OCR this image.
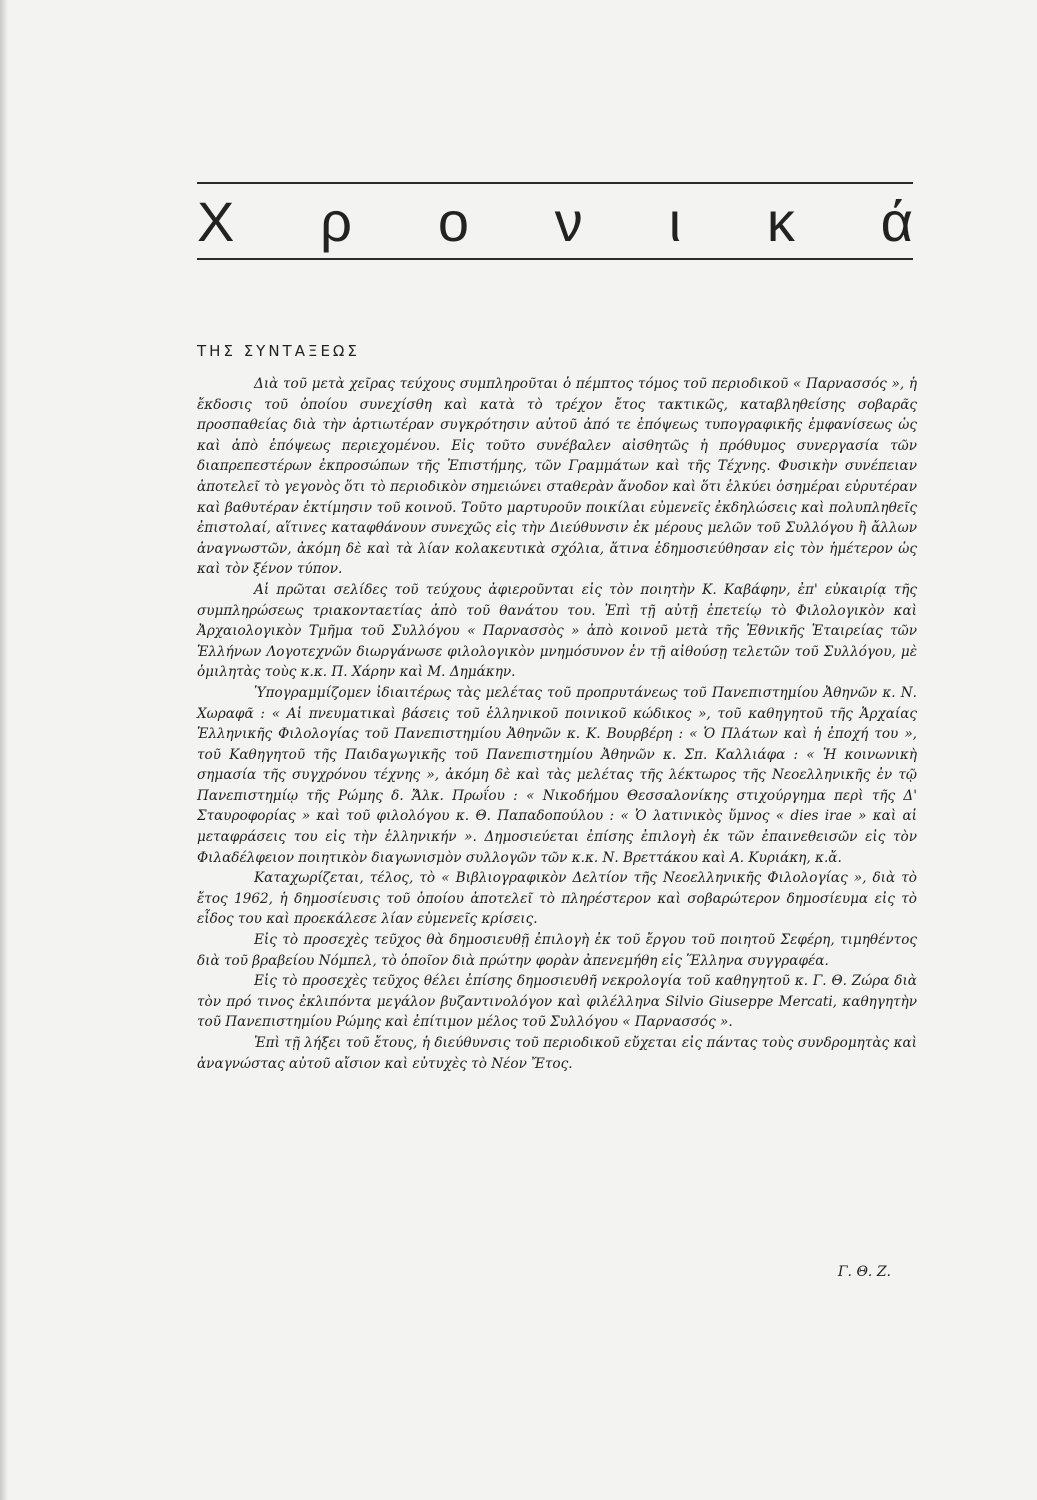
Χ ρ ο ν ι κ ά
ΤΗΣ ΣΥΝΤΑΞΕΩΣ

Διὰ τοῦ μετὰ χεῖρας τεύχους συμπληροῦται ὁ πέμπτος τόμος τοῦ περιοδικοῦ « Παρνασσός », ἡ ἔκδοσις τοῦ ὁποίου συνεχίσθη καὶ κατὰ τὸ τρέχον ἔτος τακτικῶς, καταβληθείσης σοβαρᾶς προσπαθείας διὰ τὴν ἀρτιωτέραν συγκρότησιν αὐτοῦ ἀπό τε ἐπόψεως τυπογραφικῆς ἐμφανίσεως ὡς καὶ ἀπὸ ἐπόψεως περιεχομένου. Εἰς τοῦτο συνέβαλεν αἰσθητῶς ἡ πρόθυμος συνεργασία τῶν διαπρεπεστέρων ἐκπροσώπων τῆς Ἐπιστήμης, τῶν Γραμμάτων καὶ τῆς Τέχνης. Φυσικὴν συνέπειαν ἀποτελεῖ τὸ γεγονὸς ὅτι τὸ περιοδικὸν σημειώνει σταθερὰν ἄνοδον καὶ ὅτι ἑλκύει ὁσημέραι εὐρυτέραν καὶ βαθυτέραν ἐκτίμησιν τοῦ κοινοῦ. Τοῦτο μαρτυροῦν ποικίλαι εὐμενεῖς ἐκδηλώσεις καὶ πολυπληθεῖς ἐπιστολαί, αἵτινες καταφθάνουν συνεχῶς εἰς τὴν Διεύθυνσιν ἐκ μέρους μελῶν τοῦ Συλλόγου ἢ ἄλλων ἀναγνωστῶν, ἀκόμη δὲ καὶ τὰ λίαν κολακευτικὰ σχόλια, ἅτινα ἐδημοσιεύθησαν εἰς τὸν ἡμέτερον ὡς καὶ τὸν ξένον τύπον.

Αἱ πρῶται σελίδες τοῦ τεύχους ἀφιεροῦνται εἰς τὸν ποιητὴν Κ. Καβάφην, ἐπ' εὐκαιρίᾳ τῆς συμπληρώσεως τριακονταετίας ἀπὸ τοῦ θανάτου του. Ἐπὶ τῇ αὐτῇ ἐπετείῳ τὸ Φιλολογικὸν καὶ Ἀρχαιολογικὸν Τμῆμα τοῦ Συλλόγου « Παρνασσὸς » ἀπὸ κοινοῦ μετὰ τῆς Ἐθνικῆς Ἑταιρείας τῶν Ἑλλήνων Λογοτεχνῶν διωργάνωσε φιλολογικὸν μνημόσυνον ἐν τῇ αἰθούσῃ τελετῶν τοῦ Συλλόγου, μὲ ὁμιλητὰς τοὺς κ.κ. Π. Χάρην καὶ Μ. Δημάκην.

Ὑπογραμμίζομεν ἰδιαιτέρως τὰς μελέτας τοῦ προπρυτάνεως τοῦ Πανεπιστημίου Ἀθηνῶν κ. Ν. Χωραφᾶ : « Αἱ πνευματικαὶ βάσεις τοῦ ἑλληνικοῦ ποινικοῦ κώδικος », τοῦ καθηγητοῦ τῆς Ἀρχαίας Ἑλληνικῆς Φιλολογίας τοῦ Πανεπιστημίου Ἀθηνῶν κ. Κ. Βουρβέρη : « Ὁ Πλάτων καὶ ἡ ἐποχή του », τοῦ Καθηγητοῦ τῆς Παιδαγωγικῆς τοῦ Πανεπιστημίου Ἀθηνῶν κ. Σπ. Καλλιάφα : « Ἡ κοινωνικὴ σημασία τῆς συγχρόνου τέχνης », ἀκόμη δὲ καὶ τὰς μελέτας τῆς λέκτωρος τῆς Νεοελληνικῆς ἐν τῷ Πανεπιστημίῳ τῆς Ρώμης δ. Ἄλκ. Πρωΐου : « Νικοδήμου Θεσσαλονίκης στιχούργημα περὶ τῆς Δ' Σταυροφορίας » καὶ τοῦ φιλολόγου κ. Θ. Παπαδοπούλου : « Ὁ λατινικὸς ὕμνος « dies irae » καὶ αἱ μεταφράσεις του εἰς τὴν ἑλληνικήν ». Δημοσιεύεται ἐπίσης ἐπιλογὴ ἐκ τῶν ἐπαινεθεισῶν εἰς τὸν Φιλαδέλφειον ποιητικὸν διαγωνισμὸν συλλογῶν τῶν κ.κ. Ν. Βρεττάκου καὶ Α. Κυριάκη, κ.ἄ.

Καταχωρίζεται, τέλος, τὸ « Βιβλιογραφικὸν Δελτίον τῆς Νεοελληνικῆς Φιλολογίας », διὰ τὸ ἔτος 1962, ἡ δημοσίευσις τοῦ ὁποίου ἀποτελεῖ τὸ πληρέστερον καὶ σοβαρώτερον δημοσίευμα εἰς τὸ εἶδος του καὶ προεκάλεσε λίαν εὐμενεῖς κρίσεις.

Εἰς τὸ προσεχὲς τεῦχος θὰ δημοσιευθῇ ἐπιλογὴ ἐκ τοῦ ἔργου τοῦ ποιητοῦ Σεφέρη, τιμηθέντος διὰ τοῦ βραβείου Νόμπελ, τὸ ὁποῖον διὰ πρώτην φορὰν ἀπενεμήθη εἰς Ἕλληνα συγγραφέα.

Εἰς τὸ προσεχὲς τεῦχος θέλει ἐπίσης δημοσιευθῆ νεκρολογία τοῦ καθηγητοῦ κ. Γ. Θ. Ζώρα διὰ τὸν πρό τινος ἐκλιπόντα μεγάλον βυζαντινολόγον καὶ φιλέλληνα Silvio Giuseppe Mercati, καθηγητὴν τοῦ Πανεπιστημίου Ρώμης καὶ ἐπίτιμον μέλος τοῦ Συλλόγου « Παρνασσός ».

Ἐπὶ τῇ λήξει τοῦ ἔτους, ἡ διεύθυνσις τοῦ περιοδικοῦ εὔχεται εἰς πάντας τοὺς συνδρομητὰς καὶ ἀναγνώστας αὐτοῦ αἴσιον καὶ εὐτυχὲς τὸ Νέον Ἔτος.

Γ. Θ. Ζ.
